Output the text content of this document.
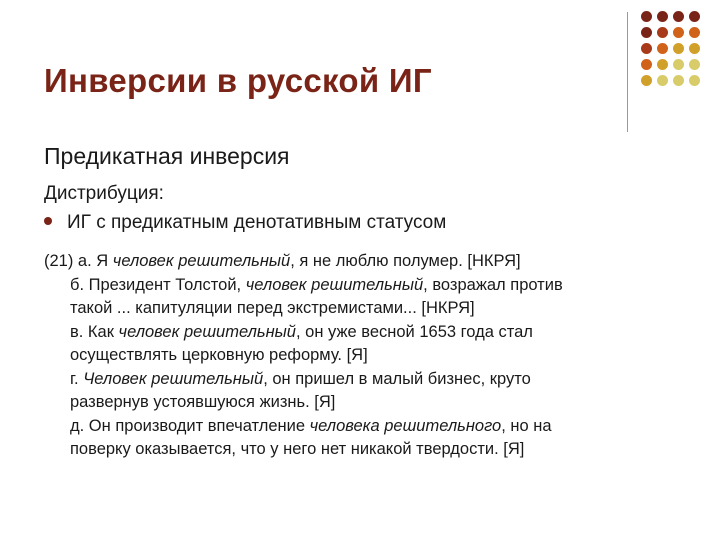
Инверсии в русской ИГ
Предикатная инверсия
Дистрибуция:
ИГ с предикатным денотативным статусом
(21) а. Я человек решительный, я не люблю полумер. [НКРЯ]
б. Президент Толстой, человек решительный, возражал против
такой ... капитуляции перед экстремистами... [НКРЯ]
в. Как человек решительный, он уже весной 1653 года стал
осуществлять церковную реформу. [Я]
г. Человек решительный, он пришел в малый бизнес, круто
развернув устоявшуюся жизнь. [Я]
д. Он производит впечатление человека решительного, но на
поверку оказывается, что у него нет никакой твердости. [Я]
